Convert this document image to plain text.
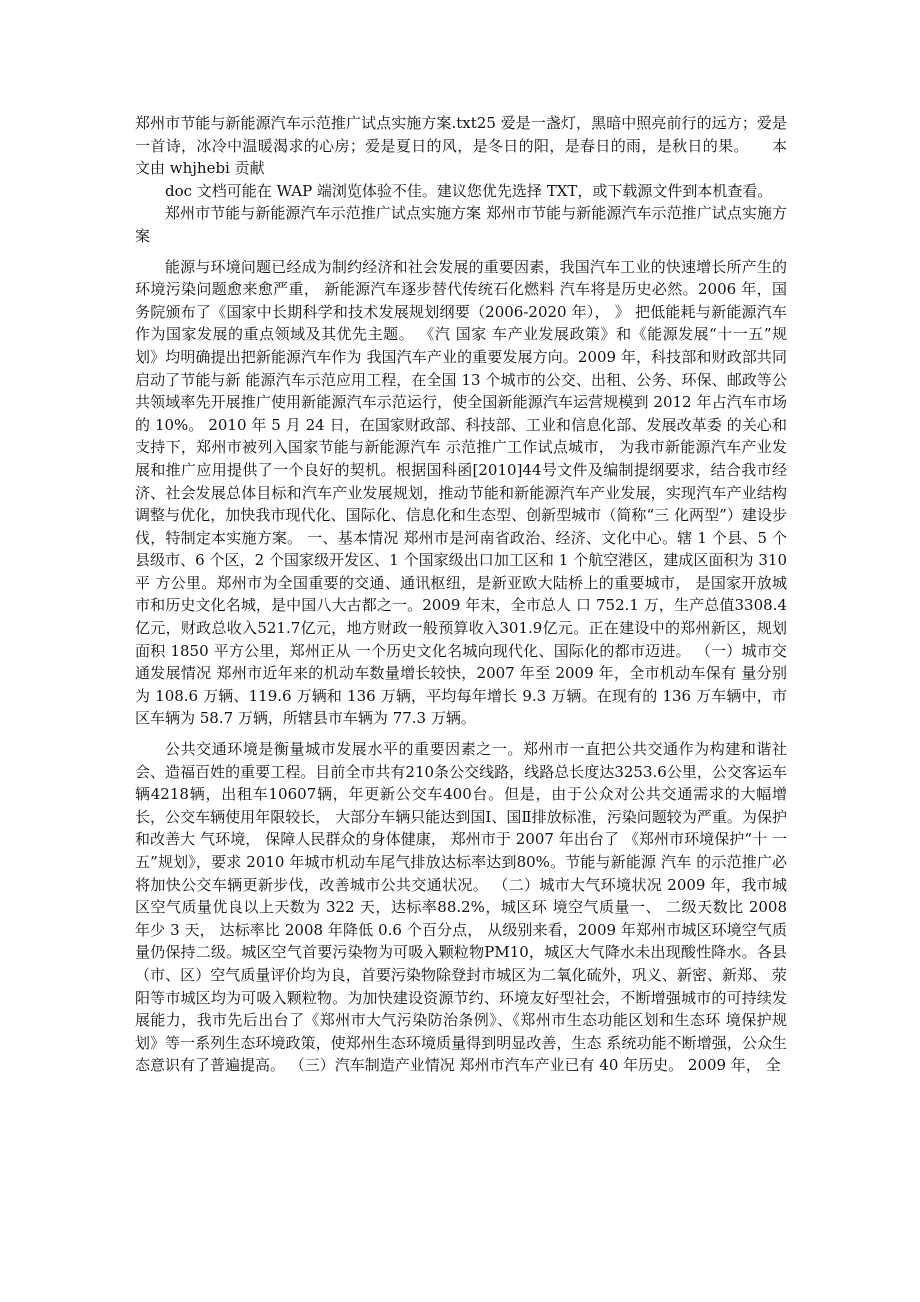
郑州市节能与新能源汽车示范推广试点实施方案.txt25 爱是一盏灯，黑暗中照亮前行的远方；爱是一首诗，冰冷中温暖渴求的心房；爱是夏日的风，是冬日的阳，是春日的雨，是秋日的果。　　本文由 whjhebi 贡献

doc 文档可能在 WAP 端浏览体验不佳。建议您优先选择 TXT，或下载源文件到本机查看。

郑州市节能与新能源汽车示范推广试点实施方案 郑州市节能与新能源汽车示范推广试点实施方案

能源与环境问题已经成为制约经济和社会发展的重要因素，我国汽车工业的快速增长所产生的环境污染问题愈来愈严重， 新能源汽车逐步替代传统石化燃料 汽车将是历史必然。2006 年，国务院颁布了《国家中长期科学和技术发展规划纲要（2006-2020 年）， 》 把低能耗与新能源汽车作为国家发展的重点领域及其优先主题。 《汽 国家 车产业发展政策》和《能源发展“十一五”规划》均明确提出把新能源汽车作为 我国汽车产业的重要发展方向。2009 年，科技部和财政部共同启动了节能与新 能源汽车示范应用工程，在全国 13 个城市的公交、出租、公务、环保、邮政等公共领域率先开展推广使用新能源汽车示范运行，使全国新能源汽车运营规模到 2012 年占汽车市场的 10%。 2010 年 5 月 24 日，在国家财政部、科技部、工业和信息化部、发展改革委 的关心和支持下，郑州市被列入国家节能与新能源汽车 示范推广工作试点城市， 为我市新能源汽车产业发展和推广应用提供了一个良好的契机。根据国科函[2010]44号文件及编制提纲要求，结合我市经济、社会发展总体目标和汽车产业发展规划，推动节能和新能源汽车产业发展，实现汽车产业结构 调整与优化，加快我市现代化、国际化、信息化和生态型、创新型城市（简称“三 化两型”）建设步伐，特制定本实施方案。 一、基本情况 郑州市是河南省政治、经济、文化中心。辖 1 个县、5 个县级市、6 个区，2 个国家级开发区、1 个国家级出口加工区和 1 个航空港区，建成区面积为 310 平 方公里。郑州市为全国重要的交通、通讯枢纽，是新亚欧大陆桥上的重要城市， 是国家开放城市和历史文化名城，是中国八大古都之一。2009 年末，全市总人 口 752.1 万，生产总值3308.4亿元，财政总收入521.7亿元，地方财政一般预算收入301.9亿元。正在建设中的郑州新区，规划面积 1850 平方公里，郑州正从 一个历史文化名城向现代化、国际化的都市迈进。 （一）城市交通发展情况 郑州市近年来的机动车数量增长较快，2007 年至 2009 年，全市机动车保有 量分别为 108.6 万辆、119.6 万辆和 136 万辆，平均每年增长 9.3 万辆。在现有的 136 万车辆中，市区车辆为 58.7 万辆，所辖县市车辆为 77.3 万辆。

公共交通环境是衡量城市发展水平的重要因素之一。郑州市一直把公共交通作为构建和谐社会、造福百姓的重要工程。目前全市共有210条公交线路，线路总长度达3253.6公里，公交客运车辆4218辆，出租车10607辆，年更新公交车400台。但是，由于公众对公共交通需求的大幅增长，公交车辆使用年限较长， 大部分车辆只能达到国Ⅰ、国Ⅱ排放标准，污染问题较为严重。为保护和改善大 气环境， 保障人民群众的身体健康， 郑州市于 2007 年出台了 《郑州市环境保护“十 一五”规划》，要求 2010 年城市机动车尾气排放达标率达到80%。节能与新能源 汽车 的示范推广必将加快公交车辆更新步伐，改善城市公共交通状况。 （二）城市大气环境状况 2009 年，我市城区空气质量优良以上天数为 322 天，达标率88.2%，城区环 境空气质量一、 二级天数比 2008 年少 3 天， 达标率比 2008 年降低 0.6 个百分点， 从级别来看，2009 年郑州市城区环境空气质量仍保持二级。城区空气首要污染物为可吸入颗粒物PM10，城区大气降水未出现酸性降水。各县（市、区）空气质量评价均为良，首要污染物除登封市城区为二氧化硫外，巩义、新密、新郑、 荥阳等市城区均为可吸入颗粒物。为加快建设资源节约、环境友好型社会，不断增强城市的可持续发展能力，我市先后出台了《郑州市大气污染防治条例》、《郑州市生态功能区划和生态环 境保护规划》等一系列生态环境政策，使郑州生态环境质量得到明显改善，生态 系统功能不断增强，公众生态意识有了普遍提高。 （三）汽车制造产业情况 郑州市汽车产业已有 40 年历史。 2009 年， 全
